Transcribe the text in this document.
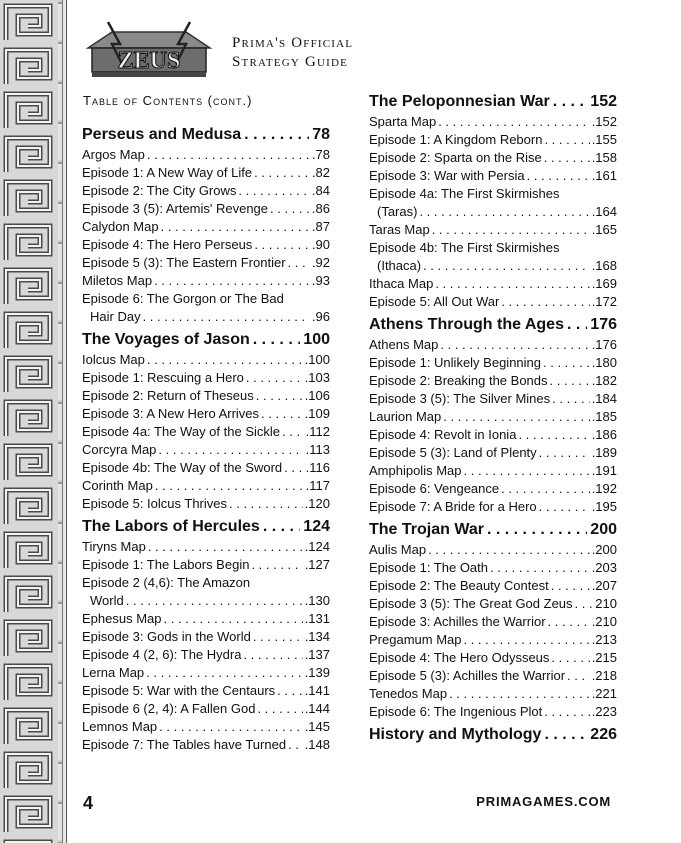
ZEUS
Prima's Official
Strategy Guide
Table of Contents (cont.)
Perseus and Medusa . . .	78
Argos Map . . .	.78
Episode 1: A New Way of Life . . .	.82
Episode 2: The City Grows . . .	.84
Episode 3 (5): Artemis' Revenge . . .	.86
Calydon Map . . .	.87
Episode 4: The Hero Perseus . . .	.90
Episode 5 (3): The Eastern Frontier . . . .92
Miletos Map . . .	.93
Episode 6: The Gorgon or The Bad
Hair Day . . .	.96
The Voyages of Jason . . .	100
Iolcus Map . . .	.100
Episode 1: Rescuing a Hero . . .	.103
Episode 2: Return of Theseus . . .	.106
Episode 3: A New Hero Arrives . . .	.109
Episode 4a: The Way of the Sickle . . . .112
Corcyra Map . . .	.113
Episode 4b: The Way of the Sword . . . .116
Corinth Map . . .	.117
Episode 5: Iolcus Thrives . . .	.120
The Labors of Hercules . . .	124
Tiryns Map . . .	.124
Episode 1: The Labors Begin . . .	.127
Episode 2 (4,6): The Amazon
World . . .	.130
Ephesus Map . . .	.131
Episode 3: Gods in the World . . .	.134
Episode 4 (2, 6): The Hydra . . .	.137
Lerna Map . . .	.139
Episode 5: War with the Centaurs . . . .141
Episode 6 (2, 4): A Fallen God . . .	.144
Lemnos Map . . .	.145
Episode 7: The Tables have Turned . . . .148
The Peloponnesian War . . .	152
Sparta Map . . .	.152
Episode 1: A Kingdom Reborn . . .	.155
Episode 2: Sparta on the Rise . . .	.158
Episode 3: War with Persia . . .	.161
Episode 4a: The First Skirmishes
(Taras) . . .	.164
Taras Map . . .	.165
Episode 4b: The First Skirmishes
(Ithaca) . . .	.168
Ithaca Map . . .	.169
Episode 5: All Out War . . .	.172
Athens Through the Ages . . . 176
Athens Map . . .	.176
Episode 1: Unlikely Beginning . . .	.180
Episode 2: Breaking the Bonds . . .	.182
Episode 3 (5): The Silver Mines . . .	.184
Laurion Map . . .	.185
Episode 4: Revolt in Ionia . . .	.186
Episode 5 (3): Land of Plenty . . .	.189
Amphipolis Map . . .	.191
Episode 6: Vengeance . . .	.192
Episode 7: A Bride for a Hero . . .	.195
The Trojan War . . .	200
Aulis Map . . .	.200
Episode 1: The Oath . . .	.203
Episode 2: The Beauty Contest . . .	.207
Episode 3 (5): The Great God Zeus . . . 210
Episode 3: Achilles the Warrior . . .	.210
Pregamum Map . . .	.213
Episode 4: The Hero Odysseus . . .	.215
Episode 5 (3): Achilles the Warrior . . . .218
Tenedos Map . . .	.221
Episode 6: The Ingenious Plot . . .	.223
History and Mythology . . .	226
4	PRIMAGAMES.COM
